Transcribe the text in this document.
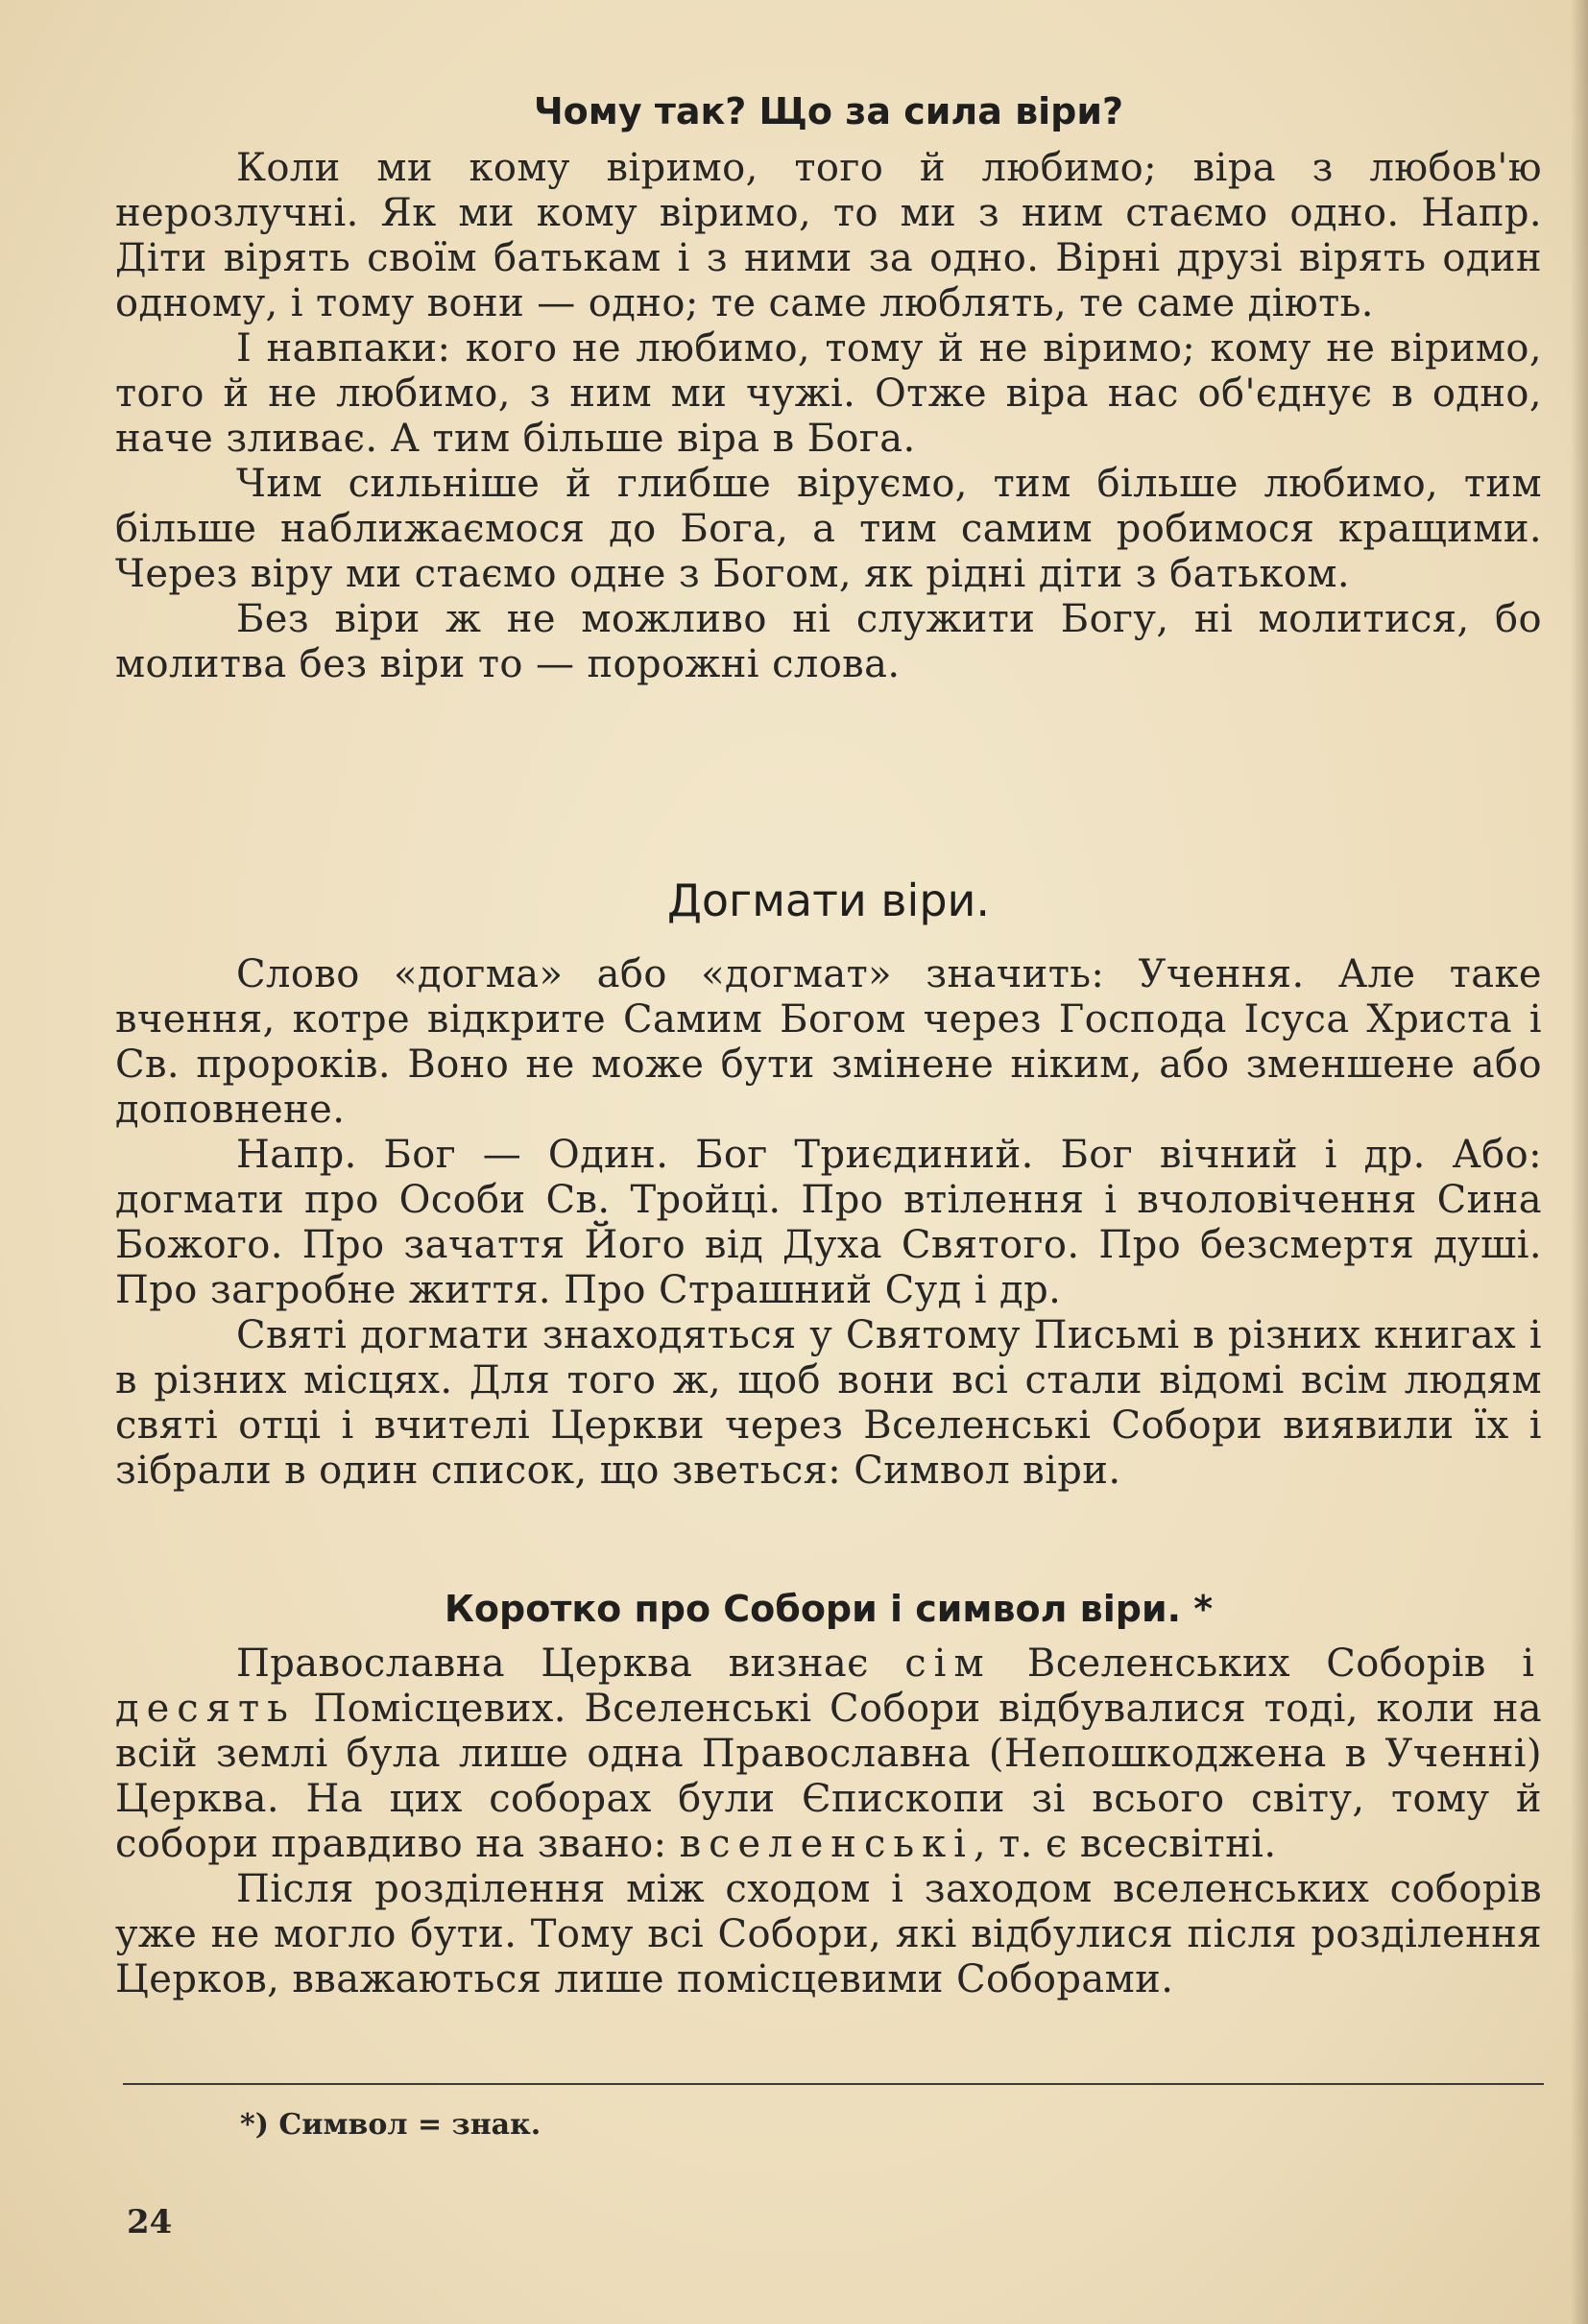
Чому так? Що за сила віри?

Коли ми кому віримо, того й любимо; віра з любов'ю нерозлучні. Як ми кому віримо, то ми з ним стаємо одно. Напр. Діти вірять своїм батькам і з ними за одно. Вірні друзі вірять один одному, і тому вони — одно; те саме люблять, те саме діють.

І навпаки: кого не любимо, тому й не віримо; кому не віримо, того й не любимо, з ним ми чужі. Отже віра нас об'єднує в одно, наче зливає. А тим більше віра в Бога.

Чим сильніше й глибше віруємо, тим більше любимо, тим більше наближаємося до Бога, а тим самим робимося кращими. Через віру ми стаємо одне з Богом, як рідні діти з батьком.

Без віри ж не можливо ні служити Богу, ні молитися, бо молитва без віри то — порожні слова.

Догмати віри.

Слово «догма» або «догмат» значить: Учення. Але таке вчення, котре відкрите Самим Богом через Господа Ісуса Христа і Св. пророків. Воно не може бути змінене ніким, або зменшене або доповнене.

Напр. Бог — Один. Бог Триєдиний. Бог вічний і др. Або: догмати про Особи Св. Тройці. Про втілення і вчоловічення Сина Божого. Про зачаття Його від Духа Святого. Про безсмертя душі. Про загробне життя. Про Страшний Суд і др.

Святі догмати знаходяться у Святому Письмі в різних книгах і в різних місцях. Для того ж, щоб вони всі стали відомі всім людям святі отці і вчителі Церкви через Вселенські Собори виявили їх і зібрали в один список, що зветься: Символ віри.

Коротко про Собори і символ віри. *

Православна Церква визнає сім Вселенських Соборів і десять Помісцевих. Вселенські Собори відбувалися тоді, коли на всій землі була лише одна Православна (Непошкоджена в Ученні) Церква. На цих соборах були Єпископи зі всього світу, тому й собори правдиво на звано: вселенські, т. є всесвітні.

Після розділення між сходом і заходом вселенських соборів уже не могло бути. Тому всі Собори, які відбулися після розділення Церков, вважаються лише помісцевими Соборами.

*) Символ = знак.
24
